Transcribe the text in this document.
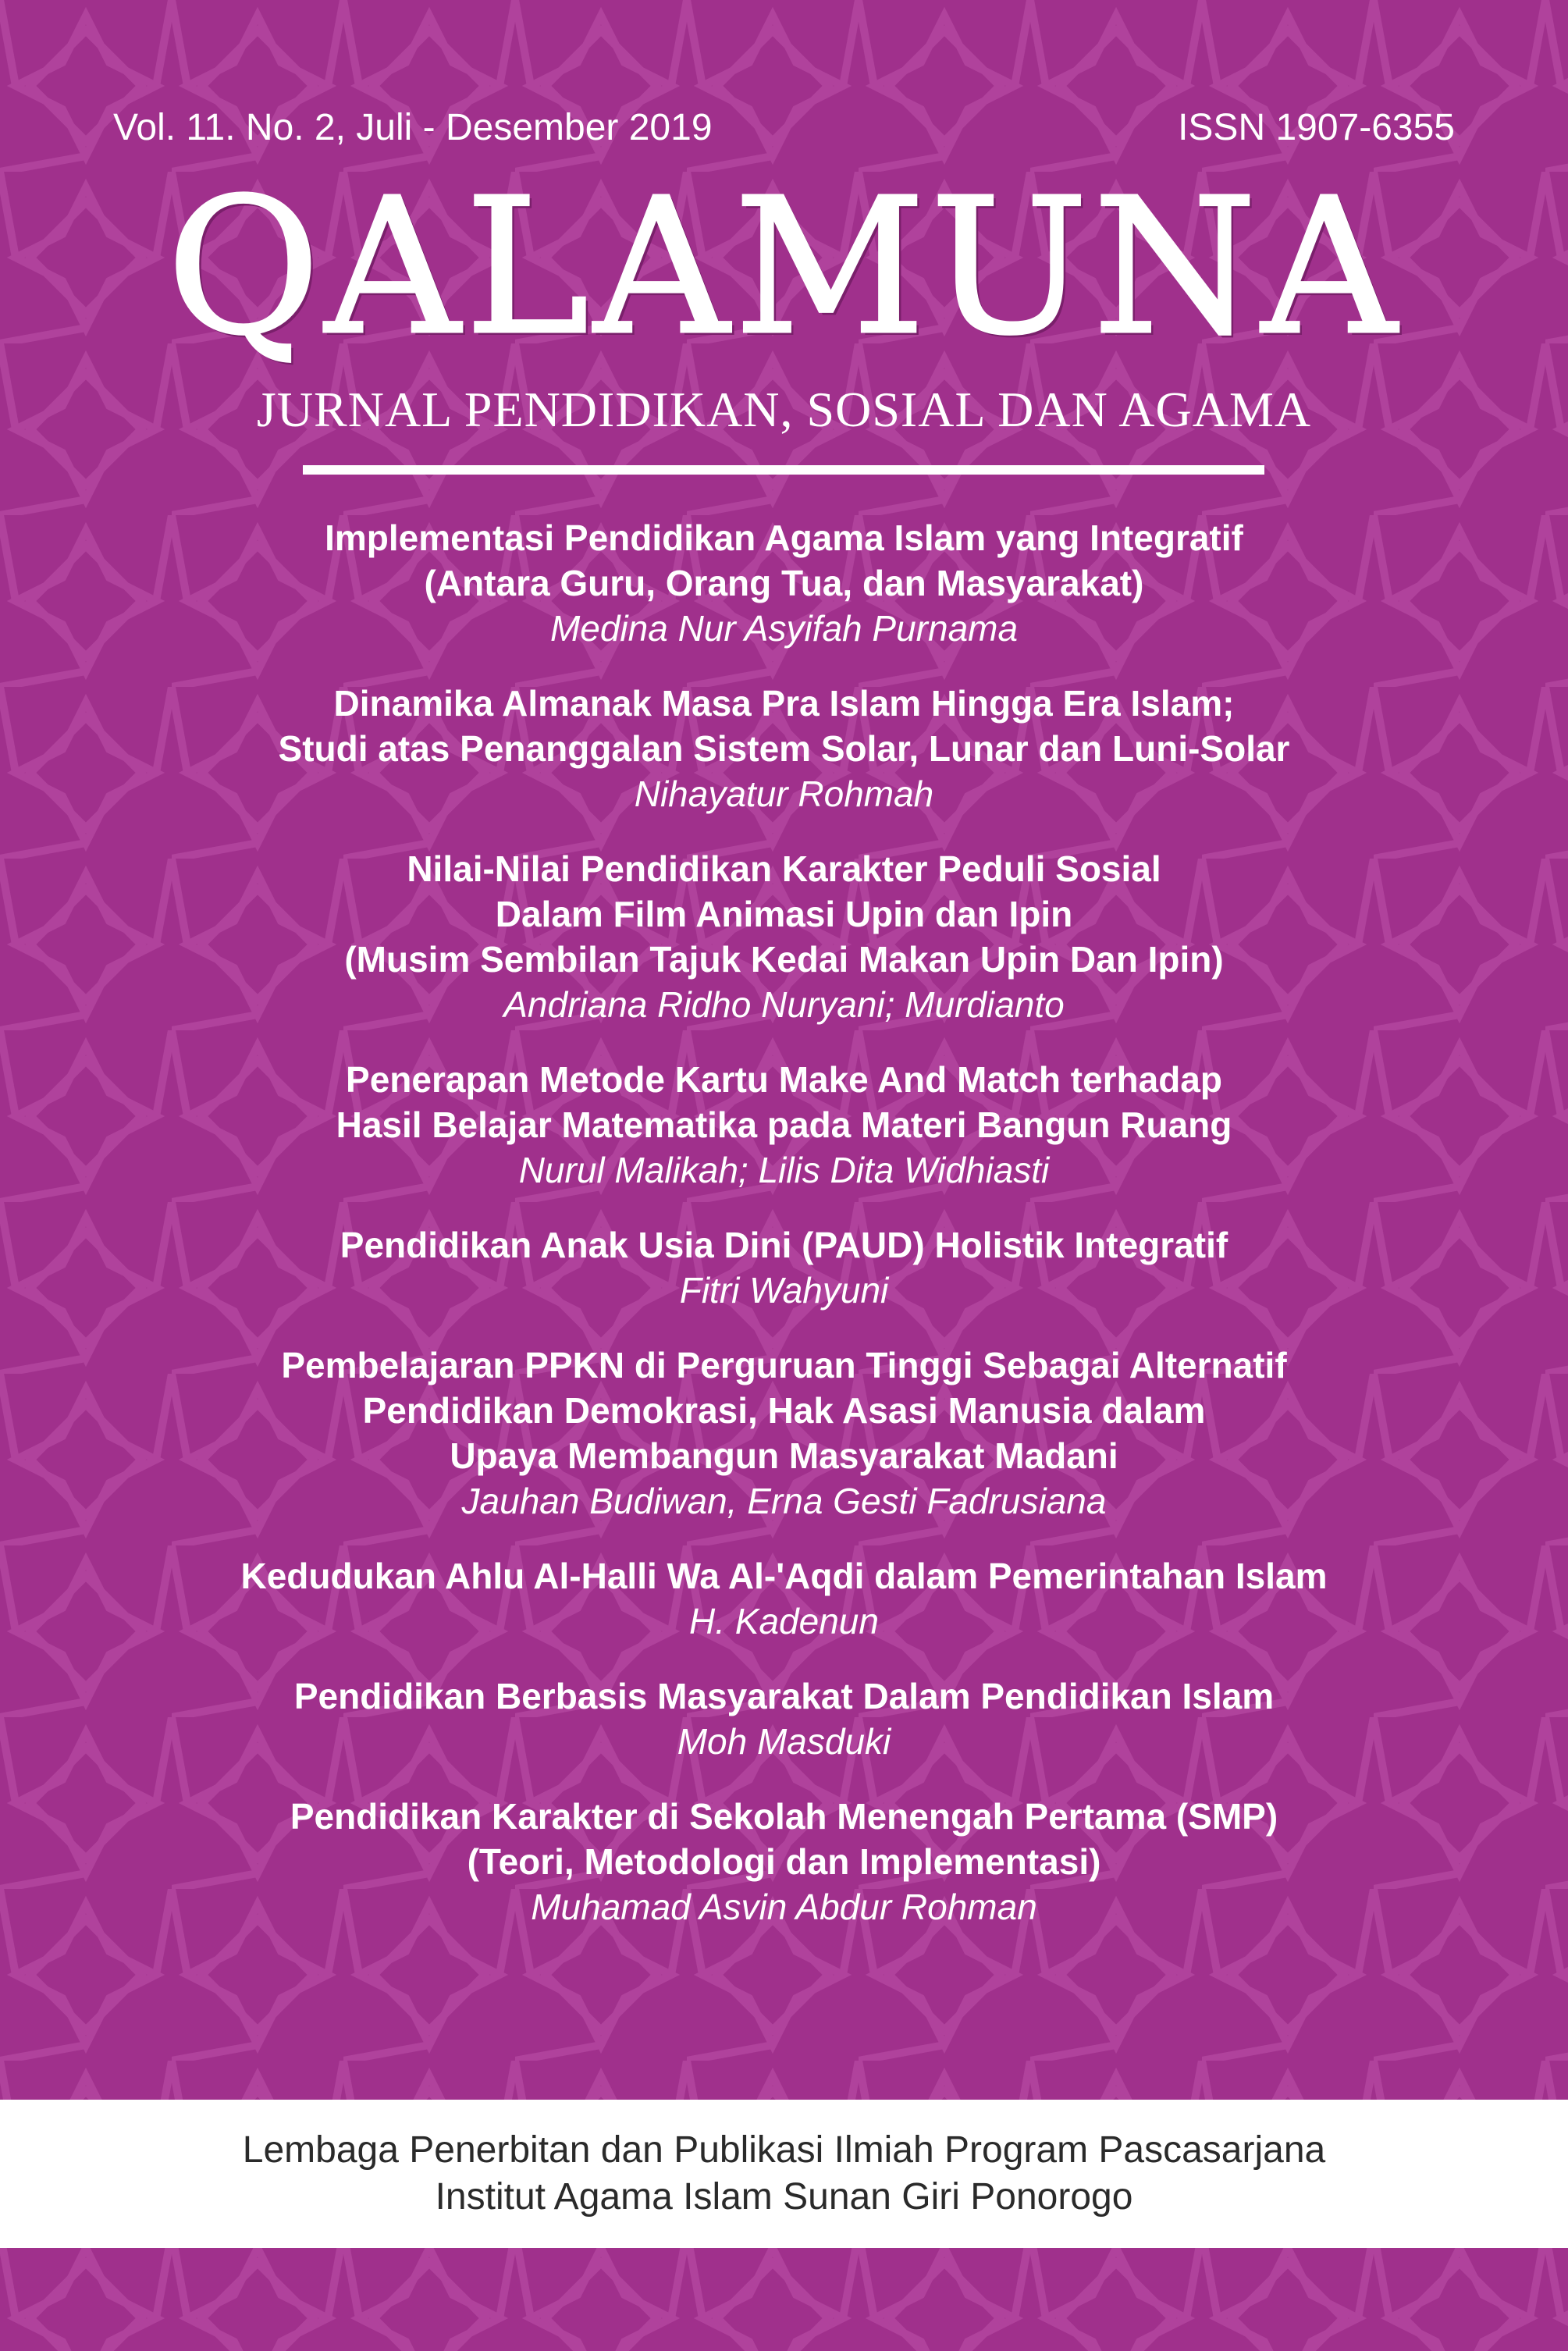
Vol. 11. No. 2, Juli - Desember 2019	ISSN 1907-6355
QALAMUNA
JURNAL PENDIDIKAN, SOSIAL DAN AGAMA
Implementasi Pendidikan Agama Islam yang Integratif
(Antara Guru, Orang Tua, dan Masyarakat)
Medina Nur Asyifah Purnama
Dinamika Almanak Masa Pra Islam Hingga Era Islam;
Studi atas Penanggalan Sistem Solar, Lunar dan Luni-Solar
Nihayatur Rohmah
Nilai-Nilai Pendidikan Karakter Peduli Sosial
Dalam Film Animasi Upin dan Ipin
(Musim Sembilan Tajuk Kedai Makan Upin Dan Ipin)
Andriana Ridho Nuryani; Murdianto
Penerapan Metode Kartu Make And Match terhadap
Hasil Belajar Matematika pada Materi Bangun Ruang
Nurul Malikah; Lilis Dita Widhiasti
Pendidikan Anak Usia Dini (PAUD) Holistik Integratif
Fitri Wahyuni
Pembelajaran PPKN di Perguruan Tinggi Sebagai Alternatif
Pendidikan Demokrasi, Hak Asasi Manusia dalam
Upaya Membangun Masyarakat Madani
Jauhan Budiwan, Erna Gesti Fadrusiana
Kedudukan Ahlu Al-Halli Wa Al-'Aqdi dalam Pemerintahan Islam
H. Kadenun
Pendidikan Berbasis Masyarakat Dalam Pendidikan Islam
Moh Masduki
Pendidikan Karakter di Sekolah Menengah Pertama (SMP)
(Teori, Metodologi dan Implementasi)
Muhamad Asvin Abdur Rohman
Lembaga Penerbitan dan Publikasi Ilmiah Program Pascasarjana
Institut Agama Islam Sunan Giri Ponorogo
